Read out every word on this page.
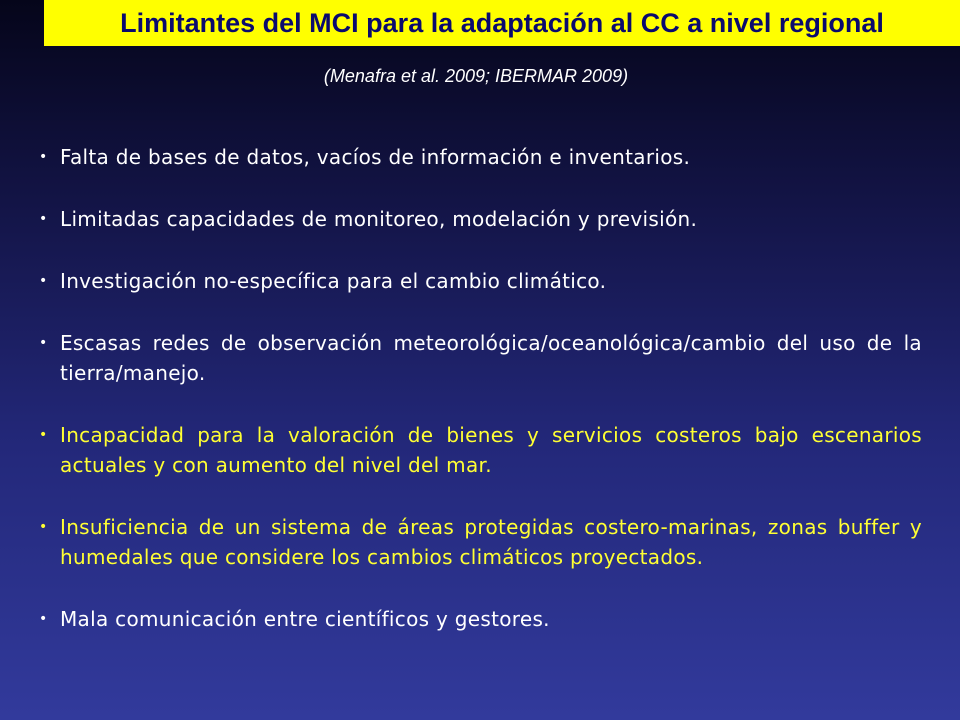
Limitantes del MCI para la adaptación al CC a nivel regional
(Menafra et al. 2009; IBERMAR 2009)
• Falta de bases de datos, vacíos de información e inventarios.
• Limitadas capacidades de monitoreo, modelación y previsión.
• Investigación no-específica para el cambio climático.
• Escasas redes de observación meteorológica/oceanológica/cambio del uso de la tierra/manejo.
• Incapacidad para la valoración de bienes y servicios costeros bajo escenarios actuales y con aumento del nivel del mar.
• Insuficiencia de un sistema de áreas protegidas costero-marinas, zonas buffer y humedales que considere los cambios climáticos proyectados.
• Mala comunicación entre científicos y gestores.
